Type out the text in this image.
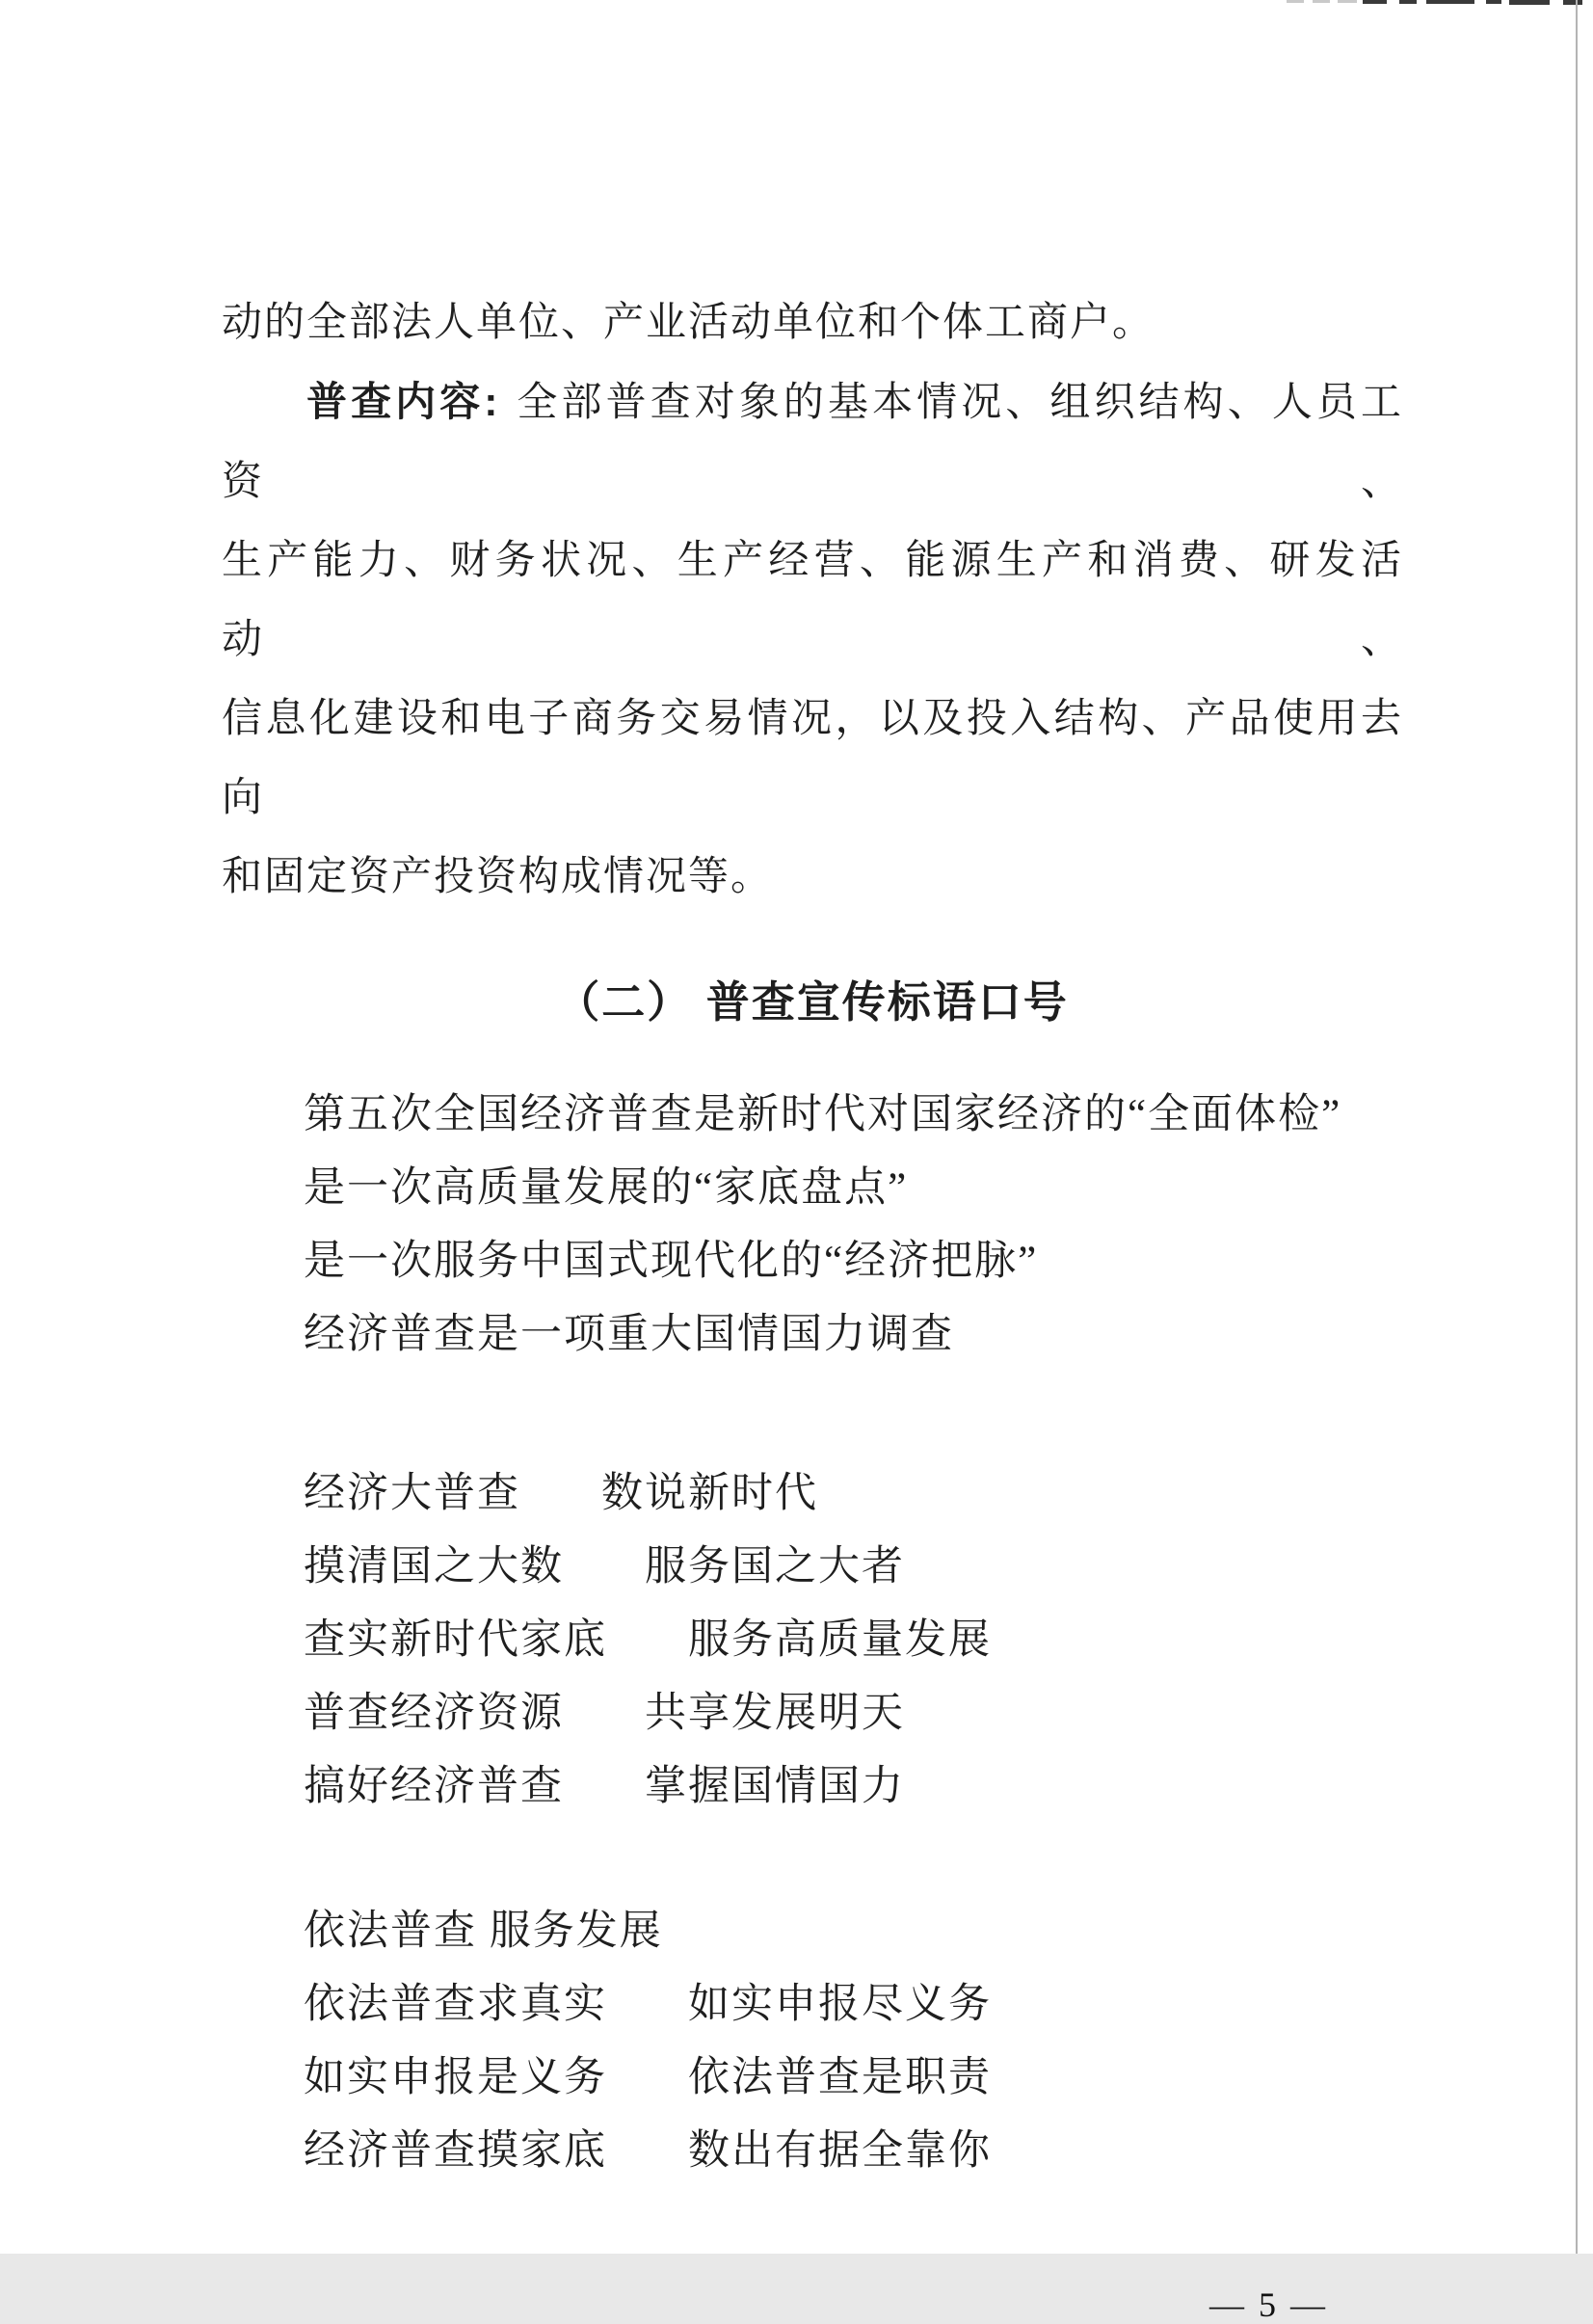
动的全部法人单位、产业活动单位和个体工商户。
普查内容: 全部普查对象的基本情况、组织结构、人员工资、
生产能力、财务状况、生产经营、能源生产和消费、研发活动、
信息化建设和电子商务交易情况，以及投入结构、产品使用去向
和固定资产投资构成情况等。
（二） 普查宣传标语口号
第五次全国经济普查是新时代对国家经济的“全面体检”
是一次高质量发展的“家底盘点”
是一次服务中国式现代化的“经济把脉”
经济普查是一项重大国情国力调查
经济大普查 数说新时代
摸清国之大数 服务国之大者
查实新时代家底 服务高质量发展
普查经济资源 共享发展明天
搞好经济普查 掌握国情国力
依法普查 服务发展
依法普查求真实 如实申报尽义务
如实申报是义务 依法普查是职责
经济普查摸家底 数出有据全靠你
— 5 —
